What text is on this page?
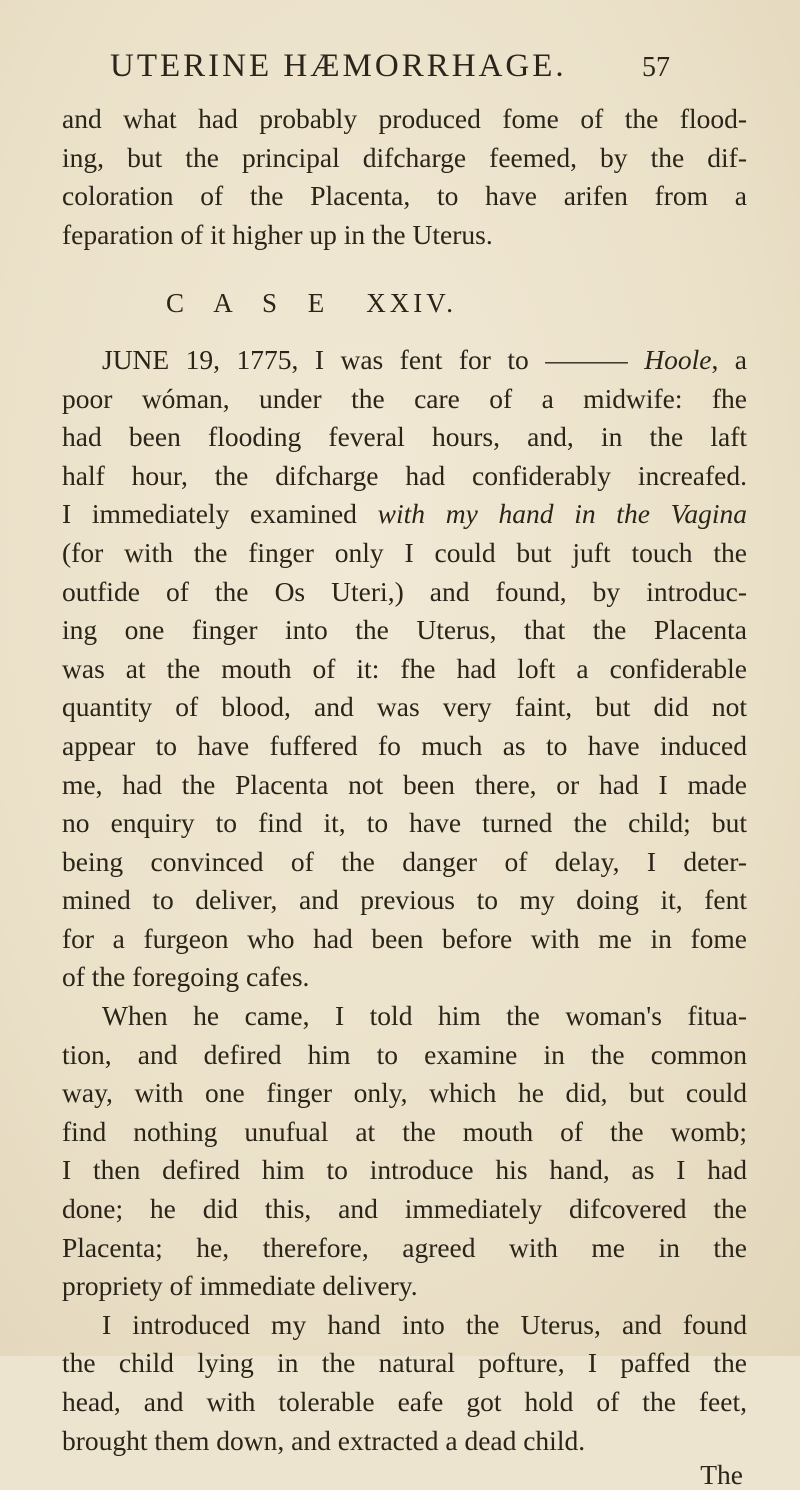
UTERINE HÆMORRHAGE.	57
and what had probably produced fome of the flood-
ing, but the principal difcharge feemed, by the dif-
coloration of the Placenta, to have arifen from a
feparation of it higher up in the Uterus.
C A S E XXIV.
JUNE 19, 1775, I was fent for to ——— Hoole, a
poor wóman, under the care of a midwife: fhe
had been flooding feveral hours, and, in the laft
half hour, the difcharge had confiderably increafed.
I immediately examined with my hand in the Vagina
(for with the finger only I could but juft touch the
outfide of the Os Uteri,) and found, by introduc-
ing one finger into the Uterus, that the Placenta
was at the mouth of it: fhe had loft a confiderable
quantity of blood, and was very faint, but did not
appear to have fuffered fo much as to have induced
me, had the Placenta not been there, or had I made
no enquiry to find it, to have turned the child; but
being convinced of the danger of delay, I deter-
mined to deliver, and previous to my doing it, fent
for a furgeon who had been before with me in fome
of the foregoing cafes.
When he came, I told him the woman's fitua-
tion, and defired him to examine in the common
way, with one finger only, which he did, but could
find nothing unufual at the mouth of the womb;
I then defired him to introduce his hand, as I had
done; he did this, and immediately difcovered the
Placenta; he, therefore, agreed with me in the
propriety of immediate delivery.
I introduced my hand into the Uterus, and found
the child lying in the natural pofture, I paffed the
head, and with tolerable eafe got hold of the feet,
brought them down, and extracted a dead child.
The
